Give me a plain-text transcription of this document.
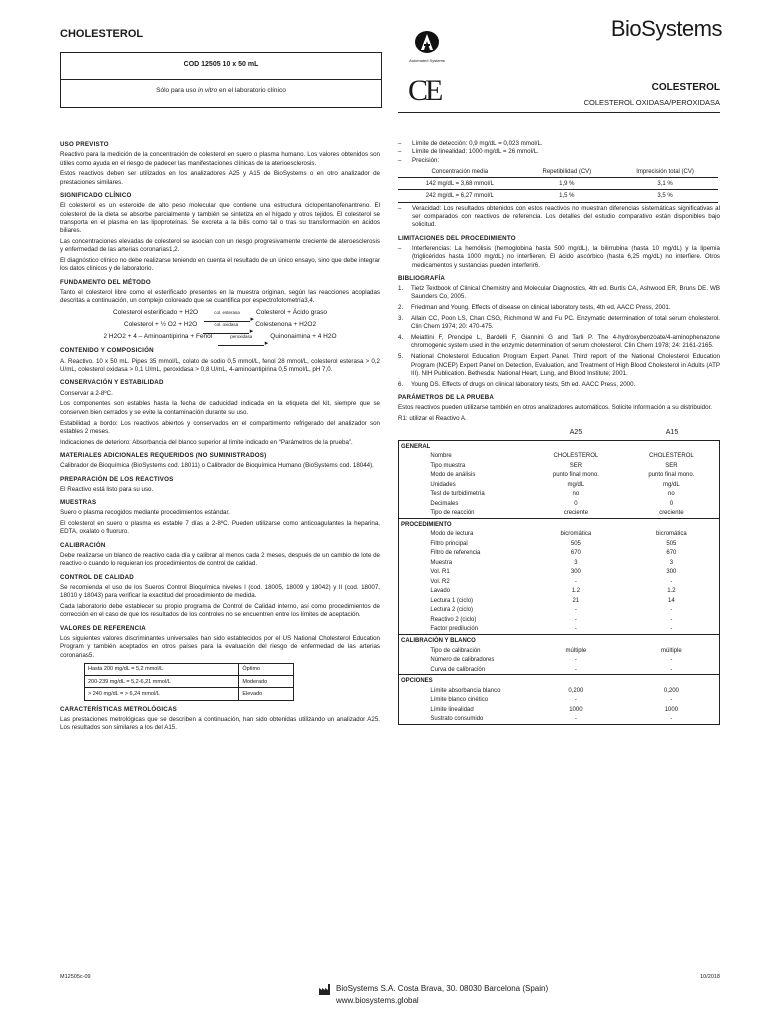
CHOLESTEROL
COD 12505 10 x 50 mL
Sólo para uso in vitro en el laboratorio clínico
Automated Systems
CE
BioSystems
COLESTEROL
COLESTEROL OXIDASA/PEROXIDASA
USO PREVISTO
Reactivo para la medición de la concentración de colesterol en suero o plasma humano. Los valores obtenidos son útiles como ayuda en el riesgo de padecer las manifestaciones clínicas de la aterioesclerosis.
Estos reactivos deben ser utilizados en los analizadores A25 y A15 de BioSystems o en otro analizador de prestaciones similares.
SIGNIFICADO CLÍNICO
El colesterol es un esteroide de alto peso molecular que contiene una estructura ciclopentanofenantreno. El colesterol de la dieta se absorbe parcialmente y también se sintetiza en el hígado y otros tejidos. El colesterol se transporta en el plasma en las lipoproteínas. Se excreta a la bilis como tal o tras su transformación en ácidos biliares.
Las concentraciones elevadas de colesterol se asocian con un riesgo progresivamente creciente de ateroesclerosis y enfermedad de las arterias coronarias1,2.
El diagnóstico clínico no debe realizarse teniendo en cuenta el resultado de un único ensayo, sino que debe integrar los datos clínicos y de laboratorio.
FUNDAMENTO DEL MÉTODO
Tanto el colesterol libre como el esterificado presentes en la muestra originan, según las reacciones acopladas descritas a continuación, un complejo coloreado que se cuantifica por espectrofotometría3,4.
Colesterol esterificado + H2O	col. esterasa
▸	Colesterol + Ácido graso
Colesterol + ½ O2 + H2O	col. oxidasa
▸	Colestenona + H2O2
2 H2O2 + 4 – Aminoantipirina + Fenol	peroxidasa
▸	Quinonaimina + 4 H2O
CONTENIDO Y COMPOSICIÓN
A. Reactivo. 10 x 50 mL. Pipes 35 mmol/L, colato de sodio 0,5 mmol/L, fenol 28 mmol/L, colesterol esterasa > 0,2 U/mL, colesterol oxidasa > 0,1 U/mL, peroxidasa > 0,8 U/mL, 4-aminoantipirina 0,5 mmol/L, pH 7,0.
CONSERVACIÓN Y ESTABILIDAD
Conservar a 2-8ºC.
Los componentes son estables hasta la fecha de caducidad indicada en la etiqueta del kit, siempre que se conserven bien cerrados y se evite la contaminación durante su uso.
Estabilidad a bordo: Los reactivos abiertos y conservados en el compartimento refrigerado del analizador son estables 2 meses.
Indicaciones de deterioro: Absorbancia del blanco superior al límite indicado en “Parámetros de la prueba”.
MATERIALES ADICIONALES REQUERIDOS (NO SUMINISTRADOS)
Calibrador de Bioquímica (BioSystems cod. 18011) o Calibrador de Bioquímica Humano (BioSystems cod. 18044).
PREPARACIÓN DE LOS REACTIVOS
El Reactivo está listo para su uso.
MUESTRAS
Suero o plasma recogidos mediante procedimientos estándar.
El colesterol en suero o plasma es estable 7 días a 2-8ºC. Pueden utilizarse como anticoagulantes la heparina, EDTA, oxalato o fluoruro.
CALIBRACIÓN
Debe realizarse un blanco de reactivo cada día y calibrar al menos cada 2 meses, después de un cambio de lote de reactivo o cuando lo requieran los procedimientos de control de calidad.
CONTROL DE CALIDAD
Se recomienda el uso de los Sueros Control Bioquímica niveles I (cod. 18005, 18009 y 18042) y II (cod. 18007, 18010 y 18043) para verificar la exactitud del procedimiento de medida.
Cada laboratorio debe establecer su propio programa de Control de Calidad interno, así como procedimientos de corrección en el caso de que los resultados de los controles no se encuentren entre los límites de aceptación.
VALORES DE REFERENCIA
Los siguientes valores discriminantes universales han sido establecidos por el US National Cholesterol Education Program y también aceptados en otros países para la evaluación del riesgo de enfermedad de las arterias coronarias5.
Hasta 200 mg/dL = 5,2 mmol/L	Óptimo
200-239 mg/dL = 5,2-6,21 mmol/L	Moderado
> 240 mg/dL = > 6,24 mmol/L	Elevado
CARACTERÍSTICAS METROLÓGICAS
Las prestaciones metrológicas que se describen a continuación, han sido obtenidas utilizando un analizador A25. Los resultados son similares a los del A15.
–	Límite de detección: 0,9 mg/dL = 0,023 mmol/L.
–	Límite de linealidad: 1000 mg/dL = 26 mmol/L.
–	Precisión:
Concentración media	Repetibilidad (CV)	Imprecisión total (CV)
142 mg/dL = 3,68 mmol/L	1,9 %	3,1 %
242 mg/dL = 6,27 mmol/L	1,5 %	3,5 %
–	Veracidad: Los resultados obtenidos con estos reactivos no muestran diferencias sistemáticas significativas al ser comparados con reactivos de referencia. Los detalles del estudio comparativo están disponibles bajo solicitud.
LIMITACIONES DEL PROCEDIMIENTO
–	Interferencias: La hemólisis (hemoglobina hasta 500 mg/dL), la bilirrubina (hasta 10 mg/dL) y la lipemia (triglicéridos hasta 1000 mg/dL) no interfieren. El ácido ascórbico (hasta 6,25 mg/dL) no interfiere. Otros medicamentos y sustancias pueden interferir6.
BIBLIOGRAFÍA
1.	Tietz Textbook of Clinical Chemistry and Molecular Diagnostics, 4th ed. Burtis CA, Ashwood ER, Bruns DE. WB Saunders Co, 2005.
2.	Friedman and Young. Effects of disease on clinical laboratory tests, 4th ed. AACC Press, 2001.
3.	Allain CC, Poon LS, Chan CSG, Richmond W and Fu PC. Enzymatic determination of total serum cholesterol. Clin Chem 1974; 20: 470-475.
4.	Meiattini F, Prencipe L, Bardelli F, Giannini G and Tarli P. The 4-hydroxybenzoate/4-aminophenazone chromogenic system used in the enzymic determination of serum cholesterol. Clin Chem 1978; 24: 2161-2165.
5.	National Cholesterol Education Program Expert Panel. Third report of the National Cholesterol Education Program (NCEP) Expert Panel on Detection, Evaluation, and Treatment of High Blood Cholesterol in Adults (ATP III). NIH Publication. Bethesda: National Heart, Lung, and Blood Institute; 2001.
6.	Young DS. Effects of drugs on clinical laboratory tests, 5th ed. AACC Press, 2000.
PARÁMETROS DE LA PRUEBA
Estos reactivos pueden utilizarse también en otros analizadores automáticos. Solicite información a su distribuidor.
R1: utilizar el Reactivo A.
A25	A15
GENERAL			
	Nombre	CHOLESTEROL	CHOLESTEROL
	Tipo muestra	SER	SER
	Modo de análisis	punto final mono.	punto final mono.
	Unidades	mg/dL	mg/dL
	Test de turbidimetría	no	no
	Decimales	0	0
	Tipo de reacción	creciente	creciente
PROCEDIMIENTO			
	Modo de lectura	bicromática	bicromática
	Filtro principal	505	505
	Filtro de referencia	670	670
	Muestra	3	3
	Vol. R1	300	300
	Vol. R2	-	-
	Lavado	1.2	1.2
	Lectura 1 (ciclo)	21	14
	Lectura 2 (ciclo)	-	-
	Reactivo 2 (ciclo)	-	-
	Factor predilución	-	-
CALIBRACIÓN Y BLANCO			
	Tipo de calibración	múltiple	múltiple
	Número de calibradores	-	-
	Curva de calibración	-	-
OPCIONES			
	Límite absorbancia blanco	0,200	0,200
	Límite blanco cinético	-	-
	Límite linealidad	1000	1000
	Sustrato consumido	-	-
M12505c-09	10/2018
BioSystems S.A. Costa Brava, 30. 08030 Barcelona (Spain)
www.biosystems.global
